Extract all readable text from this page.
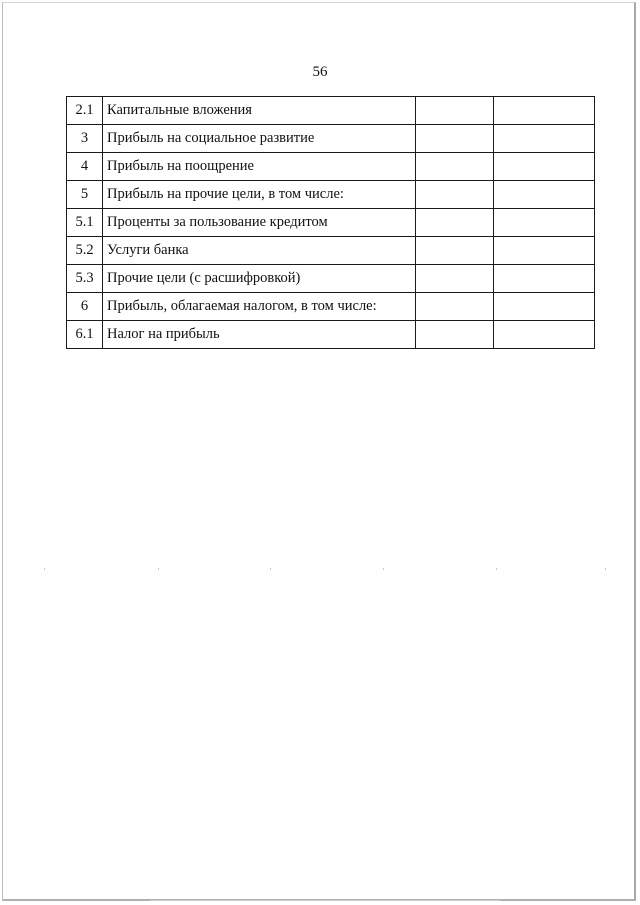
56
2.1	Капитальные вложения		
3	Прибыль на социальное развитие		
4	Прибыль на поощрение		
5	Прибыль на прочие цели, в том числе:		
5.1	Проценты за пользование кредитом		
5.2	Услуги банка		
5.3	Прочие цели (с расшифровкой)		
6	Прибыль, облагаемая налогом, в том числе:		
6.1	Налог на прибыль		
